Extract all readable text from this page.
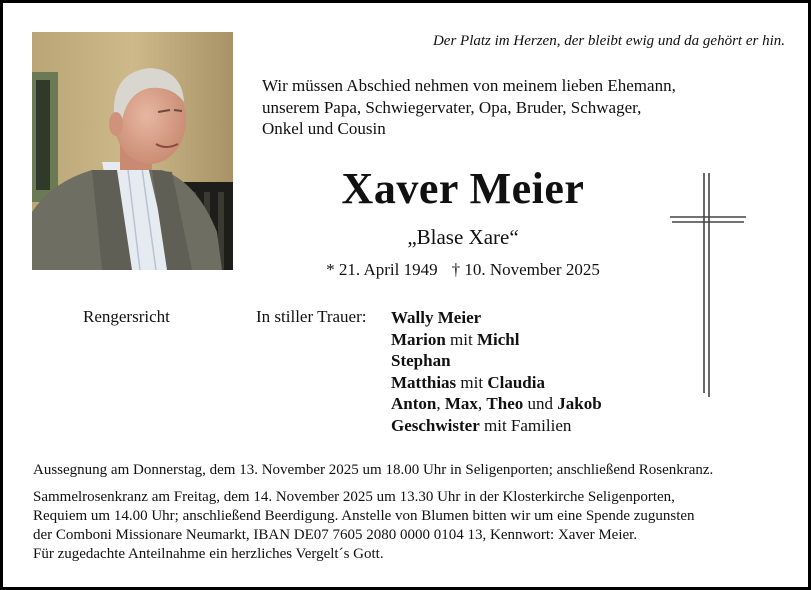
Der Platz im Herzen, der bleibt ewig und da gehört er hin.
Wir müssen Abschied nehmen von meinem lieben Ehemann,
unserem Papa, Schwiegervater, Opa, Bruder, Schwager,
Onkel und Cousin
Xaver Meier
„Blase Xare“
* 21. April 1949 † 10. November 2025
Rengersricht	In stiller Trauer: Wally Meier
Marion mit Michl
Stephan
Matthias mit Claudia
Anton, Max, Theo und Jakob
Geschwister mit Familien

Aussegnung am Donnerstag, dem 13. November 2025 um 18.00 Uhr in Seligenporten; anschließend Rosenkranz.

Sammelrosenkranz am Freitag, dem 14. November 2025 um 13.30 Uhr in der Klosterkirche Seligenporten,
Requiem um 14.00 Uhr; anschließend Beerdigung. Anstelle von Blumen bitten wir um eine Spende zugunsten
der Comboni Missionare Neumarkt, IBAN DE07 7605 2080 0000 0104 13, Kennwort: Xaver Meier.
Für zugedachte Anteilnahme ein herzliches Vergelt´s Gott.
